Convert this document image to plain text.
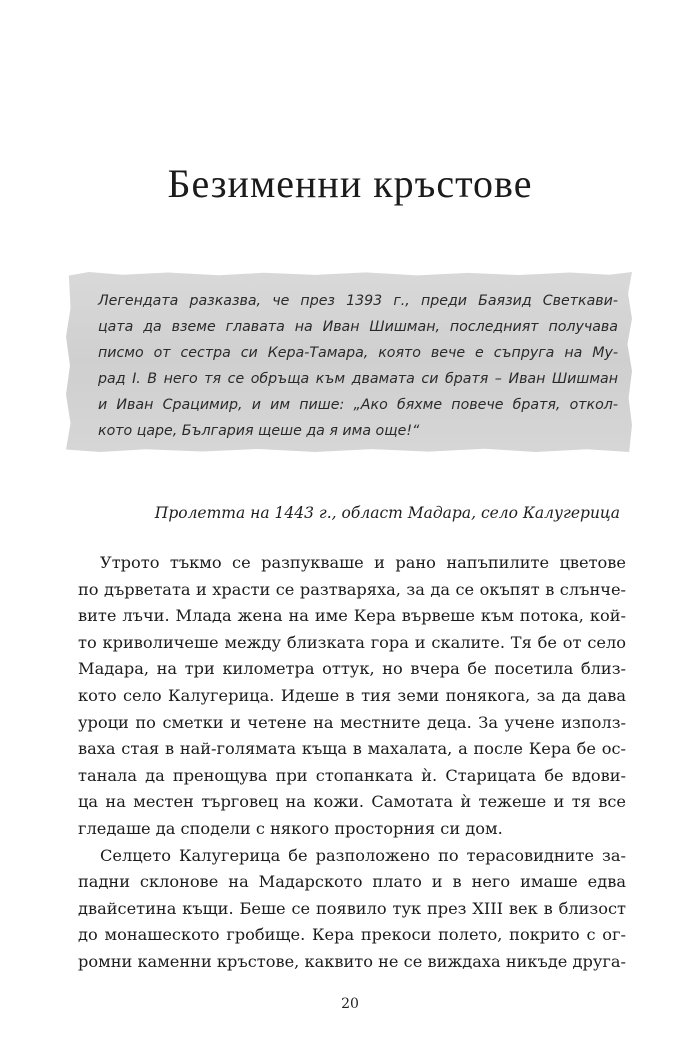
Безименни кръстове

Легендата разказва, че през 1393 г., преди Баязид Светкави-
цата да вземе главата на Иван Шишман, последният получава
писмо от сестра си Кера-Тамара, която вече е съпруга на Му-
рад I. В него тя се обръща към двамата си братя – Иван Шишман
и Иван Срацимир, и им пише: „Ако бяхме повече братя, откол-
кото царе, България щеше да я има още!“

Пролетта на 1443 г., област Мадара, село Калугерица

Утрото тъкмо се разпукваше и рано напъпилите цветове
по дърветата и храсти се разтваряха, за да се окъпят в слънче-
вите лъчи. Млада жена на име Кера вървеше към потока, кой-
то криволичеше между близката гора и скалите. Тя бе от село
Мадара, на три километра оттук, но вчера бе посетила близ-
кото село Калугерица. Идеше в тия земи понякога, за да дава
уроци по сметки и четене на местните деца. За учене използ-
ваха стая в най-голямата къща в махалата, а после Кера бе ос-
танала да пренощува при стопанката ѝ. Старицата бе вдови-
ца на местен търговец на кожи. Самотата ѝ тежеше и тя все
гледаше да сподели с някого просторния си дом.
Селцето Калугерица бе разположено по терасовидните за-
падни склонове на Мадарското плато и в него имаше едва
двайсетина къщи. Беше се появило тук през XIII век в близост
до монашеското гробище. Кера прекоси полето, покрито с ог-
ромни каменни кръстове, каквито не се виждаха никъде друга-

20
